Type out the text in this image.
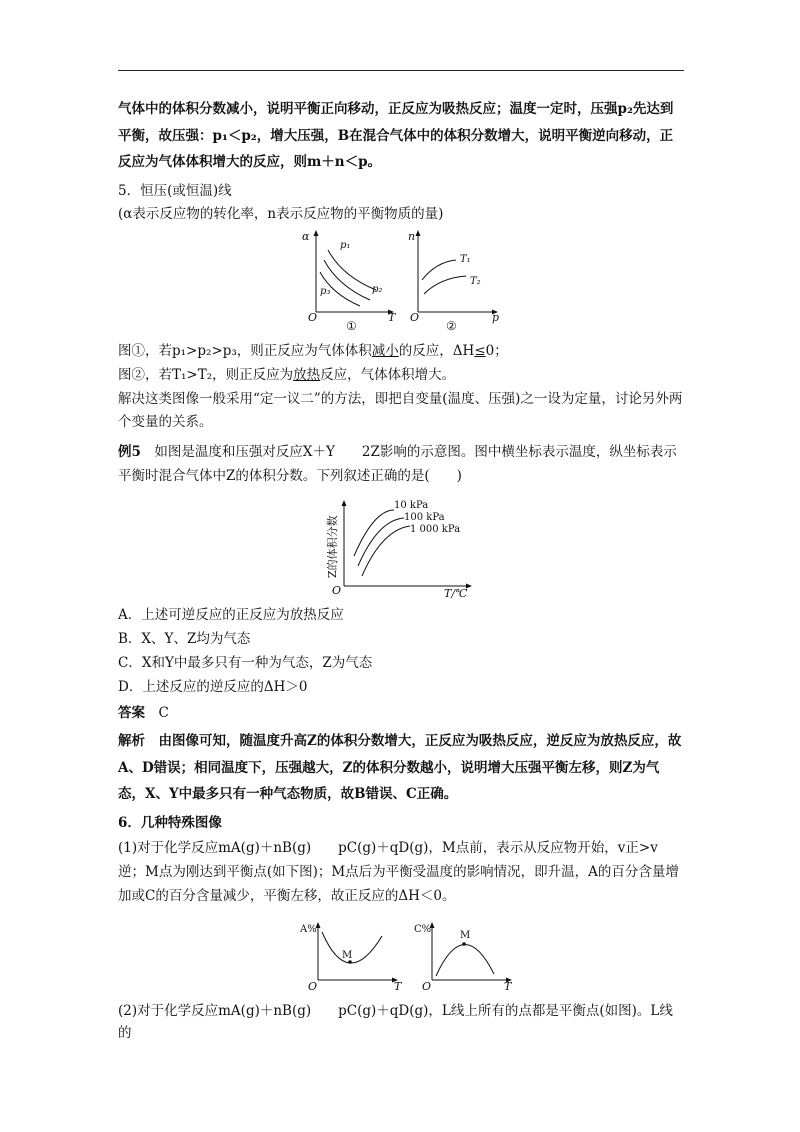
气体中的体积分数减小，说明平衡正向移动，正反应为吸热反应；温度一定时，压强p₂先达到平衡，故压强：p₁＜p₂，增大压强，B在混合气体中的体积分数增大，说明平衡逆向移动，正反应为气体体积增大的反应，则m＋n＜p。

5．恒压(或恒温)线

(α表示反应物的转化率，n表示反应物的平衡物质的量)

α
O	T
p₁
p₂
p₃
①
n
O	p
T₁
T₂
②

图①，若p₁>p₂>p₃，则正反应为气体体积减小的反应，ΔH≤0；

图②，若T₁>T₂，则正反应为放热反应，气体体积增大。

解决这类图像一般采用“定一议二”的方法，即把自变量(温度、压强)之一设为定量，讨论另外两个变量的关系。

例5　如图是温度和压强对反应X＋Y　　2Z影响的示意图。图中横坐标表示温度，纵坐标表示平衡时混合气体中Z的体积分数。下列叙述正确的是(　　)

10 kPa
100 kPa
1 000 kPa
Z的体积分数
O	T/℃

A．上述可逆反应的正反应为放热反应

B．X、Y、Z均为气态

C．X和Y中最多只有一种为气态，Z为气态

D．上述反应的逆反应的ΔH＞0

答案　C

解析　由图像可知，随温度升高Z的体积分数增大，正反应为吸热反应，逆反应为放热反应，故A、D错误；相同温度下，压强越大，Z的体积分数越小，说明增大压强平衡左移，则Z为气态，X、Y中最多只有一种气态物质，故B错误、C正确。

6．几种特殊图像

(1)对于化学反应mA(g)＋nB(g)　　pC(g)＋qD(g)，M点前，表示从反应物开始，v正>v逆；M点为刚达到平衡点(如下图)；M点后为平衡受温度的影响情况，即升温，A的百分含量增加或C的百分含量减少，平衡左移，故正反应的ΔH＜0。

A%
O	T
M
C%
O	T
M

(2)对于化学反应mA(g)＋nB(g)　　pC(g)＋qD(g)，L线上所有的点都是平衡点(如图)。L线的
